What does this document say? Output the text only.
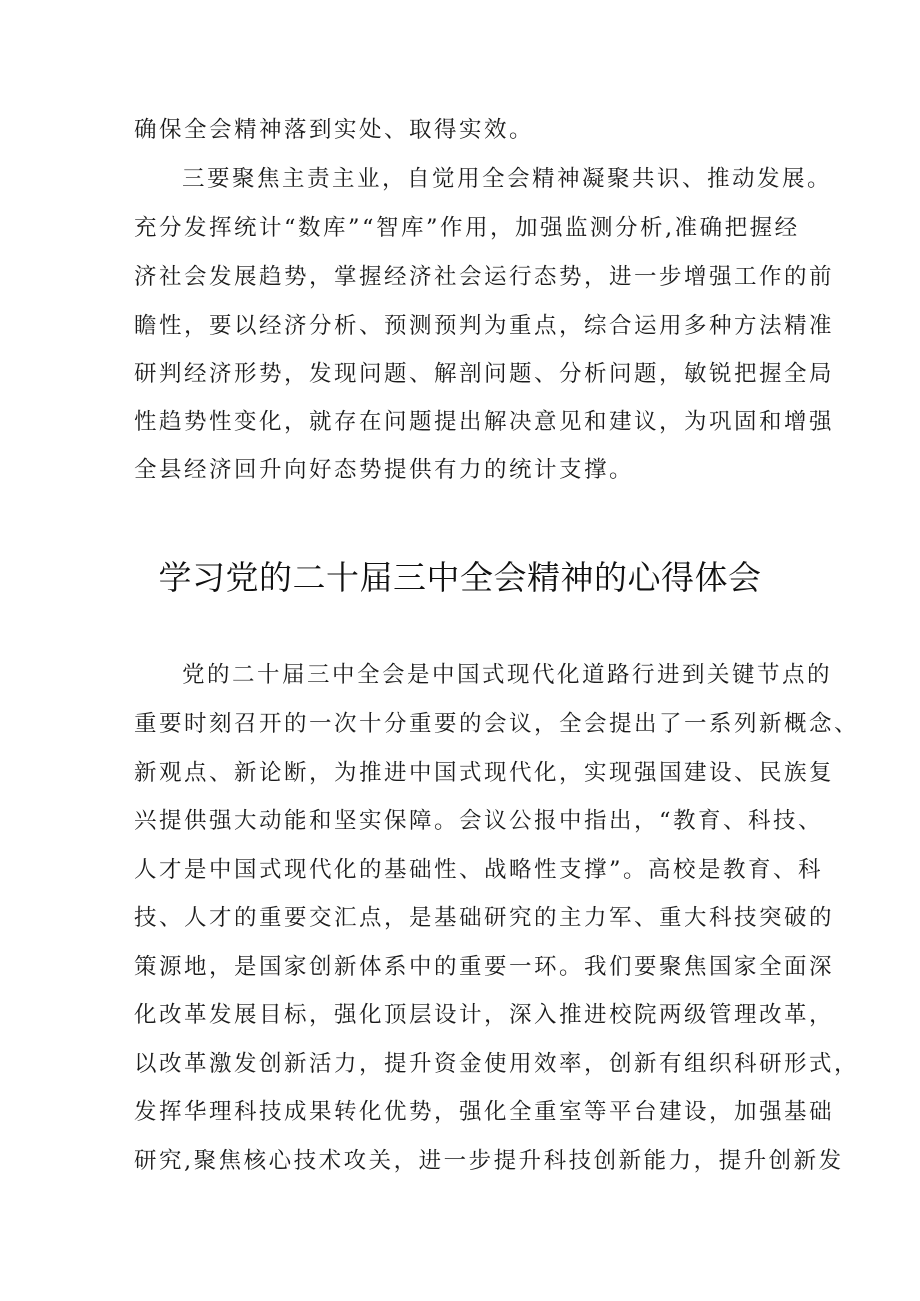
确保全会精神落到实处、取得实效。
三要聚焦主责主业，自觉用全会精神凝聚共识、推动发展。
充分发挥统计“数库”“智库”作用，加强监测分析,准确把握经
济社会发展趋势，掌握经济社会运行态势，进一步增强工作的前
瞻性，要以经济分析、预测预判为重点，综合运用多种方法精准
研判经济形势，发现问题、解剖问题、分析问题，敏锐把握全局
性趋势性变化，就存在问题提出解决意见和建议，为巩固和增强
全县经济回升向好态势提供有力的统计支撑。
学习党的二十届三中全会精神的心得体会
党的二十届三中全会是中国式现代化道路行进到关键节点的
重要时刻召开的一次十分重要的会议，全会提出了一系列新概念、
新观点、新论断，为推进中国式现代化，实现强国建设、民族复
兴提供强大动能和坚实保障。会议公报中指出，“教育、科技、
人才是中国式现代化的基础性、战略性支撑”。高校是教育、科
技、人才的重要交汇点，是基础研究的主力军、重大科技突破的
策源地，是国家创新体系中的重要一环。我们要聚焦国家全面深
化改革发展目标，强化顶层设计，深入推进校院两级管理改革，
以改革激发创新活力，提升资金使用效率，创新有组织科研形式，
发挥华理科技成果转化优势，强化全重室等平台建设，加强基础
研究,聚焦核心技术攻关，进一步提升科技创新能力，提升创新发
